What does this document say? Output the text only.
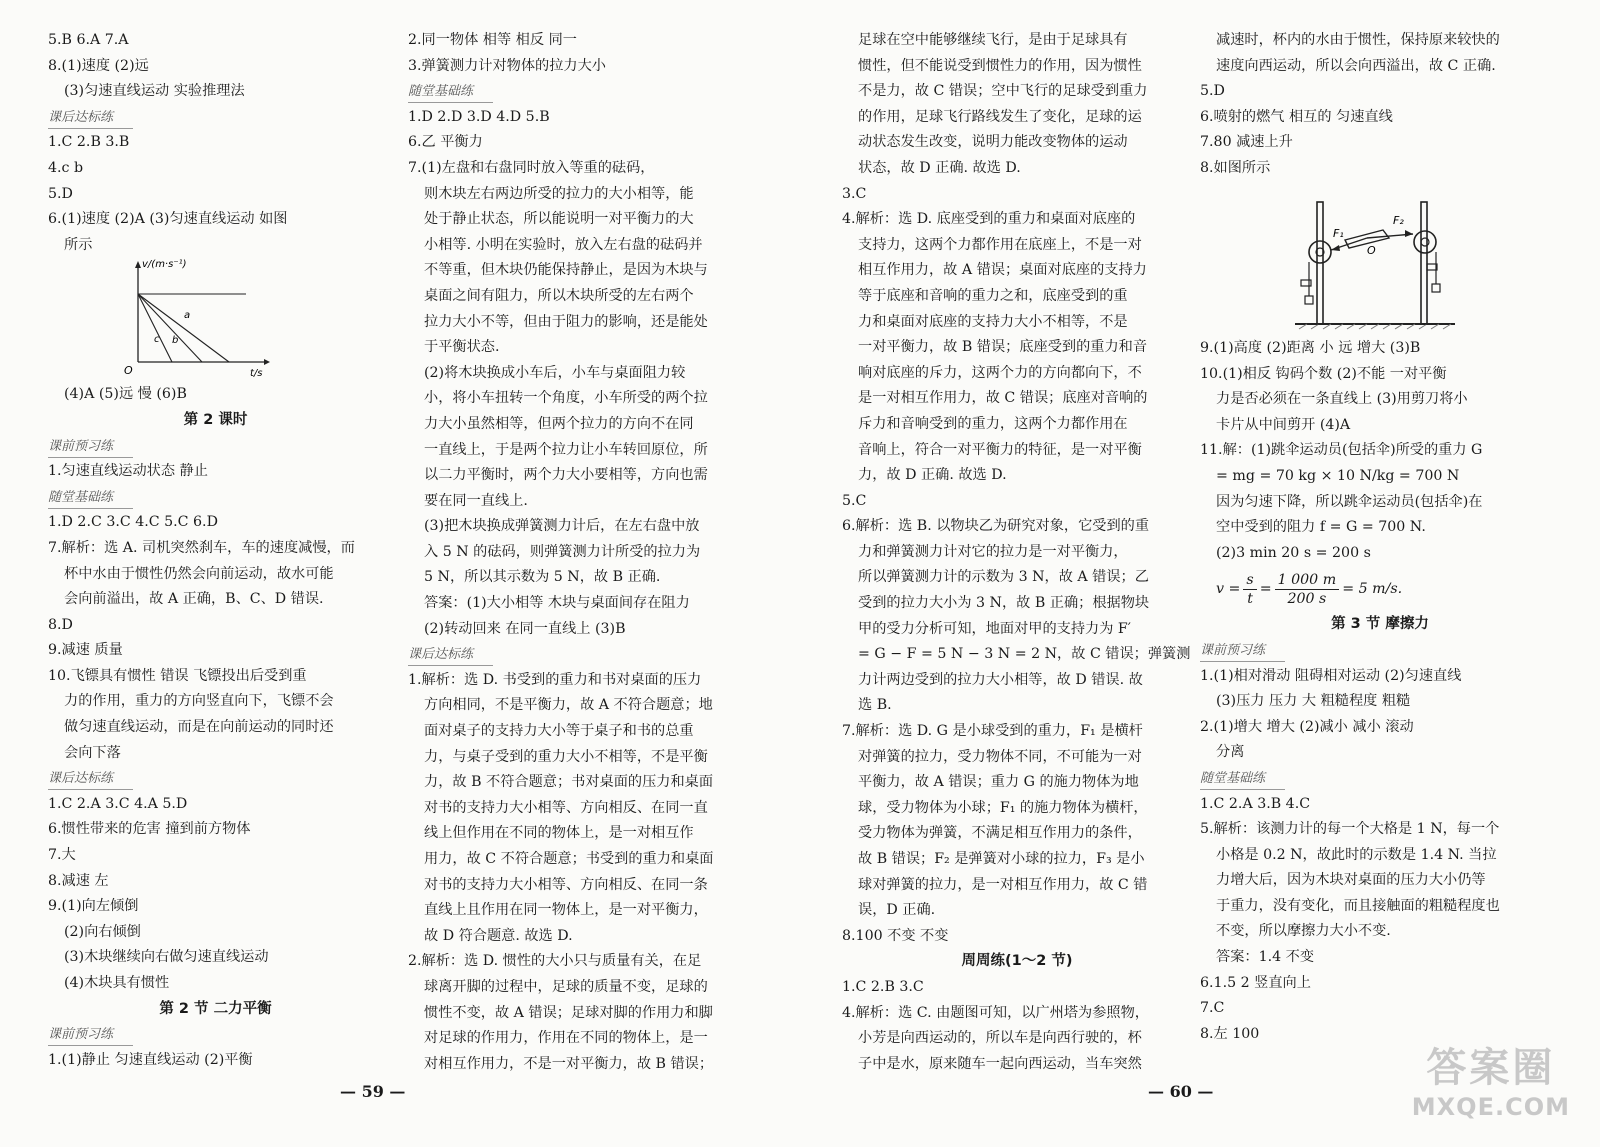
5.B 6.A 7.A
8.(1)速度 (2)远
(3)匀速直线运动 实验推理法
课后达标练
1.C 2.B 3.B
4.c b
5.D
6.(1)速度 (2)A (3)匀速直线运动 如图
所示
v/(m·s⁻¹)
t/s
O
a
b
c
(4)A (5)远 慢 (6)B
第 2 课时
课前预习练
1.匀速直线运动状态 静止
随堂基础练
1.D 2.C 3.C 4.C 5.C 6.D
7.解析：选 A. 司机突然刹车，车的速度减慢，而
杯中水由于惯性仍然会向前运动，故水可能
会向前溢出，故 A 正确，B、C、D 错误.
8.D
9.减速 质量
10.飞镖具有惯性 错误 飞镖投出后受到重
力的作用，重力的方向竖直向下，飞镖不会
做匀速直线运动，而是在向前运动的同时还
会向下落
课后达标练
1.C 2.A 3.C 4.A 5.D
6.惯性带来的危害 撞到前方物体
7.大
8.减速 左
9.(1)向左倾倒
(2)向右倾倒
(3)木块继续向右做匀速直线运动
(4)木块具有惯性
第 2 节 二力平衡
课前预习练
1.(1)静止 匀速直线运动 (2)平衡
2.同一物体 相等 相反 同一
3.弹簧测力计对物体的拉力大小
随堂基础练
1.D 2.D 3.D 4.D 5.B
6.乙 平衡力
7.(1)左盘和右盘同时放入等重的砝码，
则木块左右两边所受的拉力的大小相等，能
处于静止状态，所以能说明一对平衡力的大
小相等. 小明在实验时，放入左右盘的砝码并
不等重，但木块仍能保持静止，是因为木块与
桌面之间有阻力，所以木块所受的左右两个
拉力大小不等，但由于阻力的影响，还是能处
于平衡状态.
(2)将木块换成小车后，小车与桌面阻力较
小，将小车扭转一个角度，小车所受的两个拉
力大小虽然相等，但两个拉力的方向不在同
一直线上，于是两个拉力让小车转回原位，所
以二力平衡时，两个力大小要相等，方向也需
要在同一直线上.
(3)把木块换成弹簧测力计后，在左右盘中放
入 5 N 的砝码，则弹簧测力计所受的拉力为
5 N，所以其示数为 5 N，故 B 正确.
答案：(1)大小相等 木块与桌面间存在阻力
(2)转动回来 在同一直线上 (3)B
课后达标练
1.解析：选 D. 书受到的重力和书对桌面的压力
方向相同，不是平衡力，故 A 不符合题意；地
面对桌子的支持力大小等于桌子和书的总重
力，与桌子受到的重力大小不相等，不是平衡
力，故 B 不符合题意；书对桌面的压力和桌面
对书的支持力大小相等、方向相反、在同一直
线上但作用在不同的物体上，是一对相互作
用力，故 C 不符合题意；书受到的重力和桌面
对书的支持力大小相等、方向相反、在同一条
直线上且作用在同一物体上，是一对平衡力，
故 D 符合题意. 故选 D.
2.解析：选 D. 惯性的大小只与质量有关，在足
球离开脚的过程中，足球的质量不变，足球的
惯性不变，故 A 错误；足球对脚的作用力和脚
对足球的作用力，作用在不同的物体上，是一
对相互作用力，不是一对平衡力，故 B 错误；
足球在空中能够继续飞行，是由于足球具有
惯性，但不能说受到惯性力的作用，因为惯性
不是力，故 C 错误；空中飞行的足球受到重力
的作用，足球飞行路线发生了变化，足球的运
动状态发生改变，说明力能改变物体的运动
状态，故 D 正确. 故选 D.
3.C
4.解析：选 D. 底座受到的重力和桌面对底座的
支持力，这两个力都作用在底座上，不是一对
相互作用力，故 A 错误；桌面对底座的支持力
等于底座和音响的重力之和，底座受到的重
力和桌面对底座的支持力大小不相等，不是
一对平衡力，故 B 错误；底座受到的重力和音
响对底座的斥力，这两个力的方向都向下，不
是一对相互作用力，故 C 错误；底座对音响的
斥力和音响受到的重力，这两个力都作用在
音响上，符合一对平衡力的特征，是一对平衡
力，故 D 正确. 故选 D.
5.C
6.解析：选 B. 以物块乙为研究对象，它受到的重
力和弹簧测力计对它的拉力是一对平衡力，
所以弹簧测力计的示数为 3 N，故 A 错误；乙
受到的拉力大小为 3 N，故 B 正确；根据物块
甲的受力分析可知，地面对甲的支持力为 F′
= G − F = 5 N − 3 N = 2 N，故 C 错误；弹簧测
力计两边受到的拉力大小相等，故 D 错误. 故
选 B.
7.解析：选 D. G 是小球受到的重力，F₁ 是横杆
对弹簧的拉力，受力物体不同，不可能为一对
平衡力，故 A 错误；重力 G 的施力物体为地
球，受力物体为小球；F₁ 的施力物体为横杆，
受力物体为弹簧，不满足相互作用力的条件，
故 B 错误；F₂ 是弹簧对小球的拉力，F₃ 是小
球对弹簧的拉力，是一对相互作用力，故 C 错
误，D 正确.
8.100 不变 不变
周周练(1～2 节)
1.C 2.B 3.C
4.解析：选 C. 由题图可知，以广州塔为参照物，
小芳是向西运动的，所以车是向西行驶的，杯
子中是水，原来随车一起向西运动，当车突然
减速时，杯内的水由于惯性，保持原来较快的
速度向西运动，所以会向西溢出，故 C 正确.
5.D
6.喷射的燃气 相互的 匀速直线
7.80 减速上升
8.如图所示
F₁
F₂
O
9.(1)高度 (2)距离 小 远 增大 (3)B
10.(1)相反 钩码个数 (2)不能 一对平衡
力是否必须在一条直线上 (3)用剪刀将小
卡片从中间剪开 (4)A
11.解：(1)跳伞运动员(包括伞)所受的重力 G
= mg = 70 kg × 10 N/kg = 700 N
因为匀速下降，所以跳伞运动员(包括伞)在
空中受到的阻力 f = G = 700 N.
(2)3 min 20 s = 200 s
$v = \frac{s}{t} = \frac{1 000 m}{200 s} = 5$ m/s.
第 3 节 摩擦力
课前预习练
1.(1)相对滑动 阻碍相对运动 (2)匀速直线
(3)压力 压力 大 粗糙程度 粗糙
2.(1)增大 增大 (2)减小 减小 滚动
分离
随堂基础练
1.C 2.A 3.B 4.C
5.解析：该测力计的每一个大格是 1 N，每一个
小格是 0.2 N，故此时的示数是 1.4 N. 当拉
力增大后，因为木块对桌面的压力大小仍等
于重力，没有变化，而且接触面的粗糙程度也
不变，所以摩擦力大小不变.
答案：1.4 不变
6.1.5 2 竖直向上
7.C
8.左 100
— 59 —	— 60 —
答案圈
MXQE.COM
